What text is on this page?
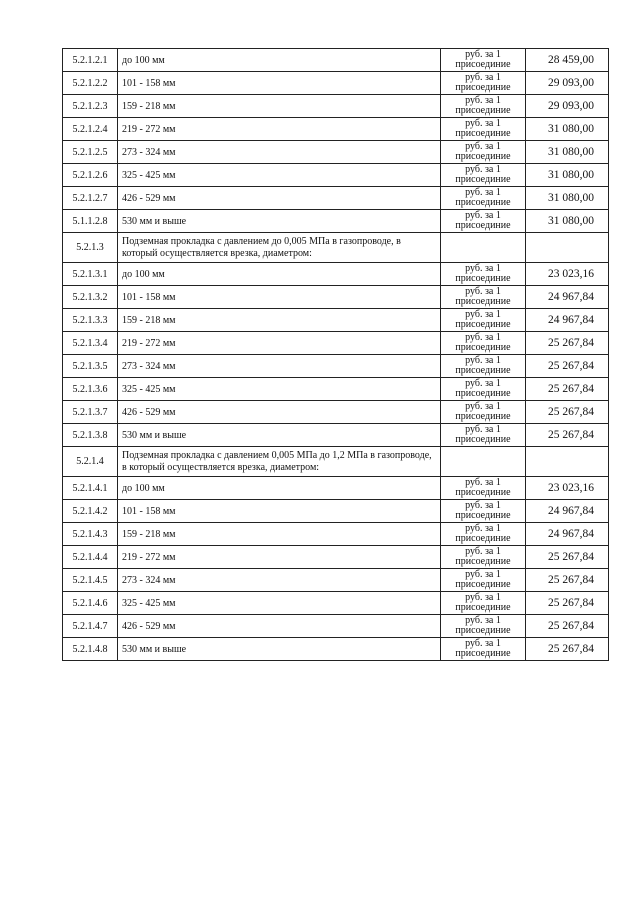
5.2.1.2.1	до 100 мм	руб. за 1
присоединие	28 459,00
5.2.1.2.2	101 - 158 мм	руб. за 1
присоединие	29 093,00
5.2.1.2.3	159 - 218 мм	руб. за 1
присоединие	29 093,00
5.2.1.2.4	219 - 272 мм	руб. за 1
присоединие	31 080,00
5.2.1.2.5	273 - 324 мм	руб. за 1
присоединие	31 080,00
5.2.1.2.6	325 - 425 мм	руб. за 1
присоединие	31 080,00
5.2.1.2.7	426 - 529 мм	руб. за 1
присоединие	31 080,00
5.1.1.2.8	530 мм и выше	руб. за 1
присоединие	31 080,00
5.2.1.3	Подземная прокладка с давлением до 0,005 МПа в газопроводе, в который осуществляется врезка, диаметром:	

5.2.1.3.1	до 100 мм	руб. за 1
присоединие	23 023,16
5.2.1.3.2	101 - 158 мм	руб. за 1
присоединие	24 967,84
5.2.1.3.3	159 - 218 мм	руб. за 1
присоединие	24 967,84
5.2.1.3.4	219 - 272 мм	руб. за 1
присоединие	25 267,84
5.2.1.3.5	273 - 324 мм	руб. за 1
присоединие	25 267,84
5.2.1.3.6	325 - 425 мм	руб. за 1
присоединие	25 267,84
5.2.1.3.7	426 - 529 мм	руб. за 1
присоединие	25 267,84
5.2.1.3.8	530 мм и выше	руб. за 1
присоединие	25 267,84
5.2.1.4	Подземная прокладка с давлением 0,005 МПа до 1,2 МПа в газопроводе, в который осуществляется врезка, диаметром:	

5.2.1.4.1	до 100 мм	руб. за 1
присоединие	23 023,16
5.2.1.4.2	101 - 158 мм	руб. за 1
присоединие	24 967,84
5.2.1.4.3	159 - 218 мм	руб. за 1
присоединие	24 967,84
5.2.1.4.4	219 - 272 мм	руб. за 1
присоединие	25 267,84
5.2.1.4.5	273 - 324 мм	руб. за 1
присоединие	25 267,84
5.2.1.4.6	325 - 425 мм	руб. за 1
присоединие	25 267,84
5.2.1.4.7	426 - 529 мм	руб. за 1
присоединие	25 267,84
5.2.1.4.8	530 мм и выше	руб. за 1
присоединие	25 267,84
